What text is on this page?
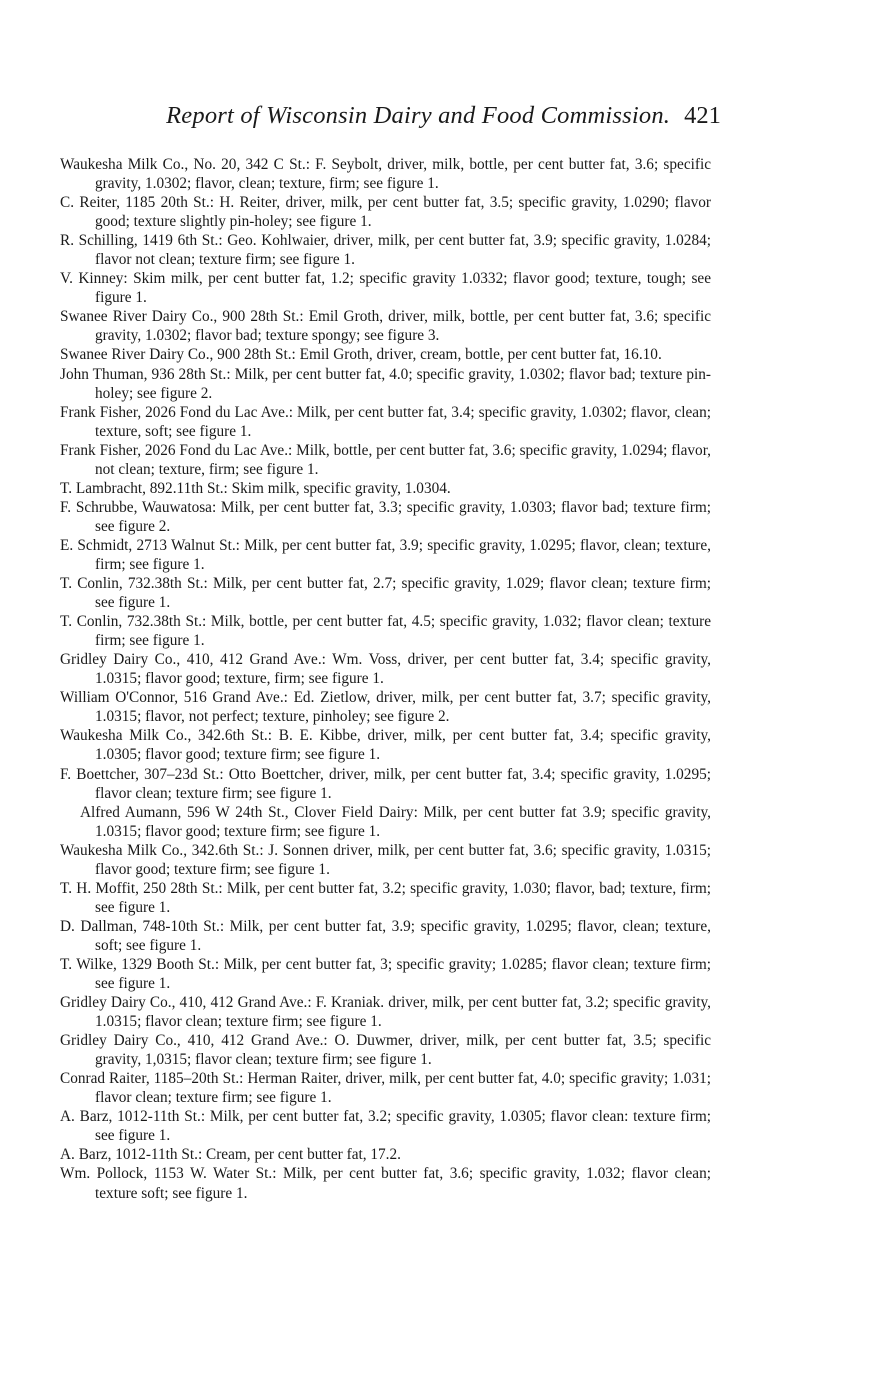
Report of Wisconsin Dairy and Food Commission. 421

Waukesha Milk Co., No. 20, 342 C St.: F. Seybolt, driver, milk, bottle, per cent butter fat, 3.6; specific gravity, 1.0302; flavor, clean; texture, firm; see figure 1.

C. Reiter, 1185 20th St.: H. Reiter, driver, milk, per cent butter fat, 3.5; specific gravity, 1.0290; flavor good; texture slightly pin-holey; see figure 1.

R. Schilling, 1419 6th St.: Geo. Kohlwaier, driver, milk, per cent butter fat, 3.9; specific gravity, 1.0284; flavor not clean; texture firm; see figure 1.

V. Kinney: Skim milk, per cent butter fat, 1.2; specific gravity 1.0332; flavor good; texture, tough; see figure 1.

Swanee River Dairy Co., 900 28th St.: Emil Groth, driver, milk, bottle, per cent butter fat, 3.6; specific gravity, 1.0302; flavor bad; texture spongy; see figure 3.

Swanee River Dairy Co., 900 28th St.: Emil Groth, driver, cream, bottle, per cent butter fat, 16.10.

John Thuman, 936 28th St.: Milk, per cent butter fat, 4.0; specific gravity, 1.0302; flavor bad; texture pin-holey; see figure 2.

Frank Fisher, 2026 Fond du Lac Ave.: Milk, per cent butter fat, 3.4; specific gravity, 1.0302; flavor, clean; texture, soft; see figure 1.

Frank Fisher, 2026 Fond du Lac Ave.: Milk, bottle, per cent butter fat, 3.6; specific gravity, 1.0294; flavor, not clean; texture, firm; see figure 1.

T. Lambracht, 892.11th St.: Skim milk, specific gravity, 1.0304.

F. Schrubbe, Wauwatosa: Milk, per cent butter fat, 3.3; specific gravity, 1.0303; flavor bad; texture firm; see figure 2.

E. Schmidt, 2713 Walnut St.: Milk, per cent butter fat, 3.9; specific gravity, 1.0295; flavor, clean; texture, firm; see figure 1.

T. Conlin, 732.38th St.: Milk, per cent butter fat, 2.7; specific gravity, 1.029; flavor clean; texture firm; see figure 1.

T. Conlin, 732.38th St.: Milk, bottle, per cent butter fat, 4.5; specific gravity, 1.032; flavor clean; texture firm; see figure 1.

Gridley Dairy Co., 410, 412 Grand Ave.: Wm. Voss, driver, per cent butter fat, 3.4; specific gravity, 1.0315; flavor good; texture, firm; see figure 1.

William O'Connor, 516 Grand Ave.: Ed. Zietlow, driver, milk, per cent butter fat, 3.7; specific gravity, 1.0315; flavor, not perfect; texture, pinholey; see figure 2.

Waukesha Milk Co., 342.6th St.: B. E. Kibbe, driver, milk, per cent butter fat, 3.4; specific gravity, 1.0305; flavor good; texture firm; see figure 1.

F. Boettcher, 307–23d St.: Otto Boettcher, driver, milk, per cent butter fat, 3.4; specific gravity, 1.0295; flavor clean; texture firm; see figure 1.

Alfred Aumann, 596 W 24th St., Clover Field Dairy: Milk, per cent butter fat 3.9; specific gravity, 1.0315; flavor good; texture firm; see figure 1.

Waukesha Milk Co., 342.6th St.: J. Sonnen driver, milk, per cent butter fat, 3.6; specific gravity, 1.0315; flavor good; texture firm; see figure 1.

T. H. Moffit, 250 28th St.: Milk, per cent butter fat, 3.2; specific gravity, 1.030; flavor, bad; texture, firm; see figure 1.

D. Dallman, 748-10th St.: Milk, per cent butter fat, 3.9; specific gravity, 1.0295; flavor, clean; texture, soft; see figure 1.

T. Wilke, 1329 Booth St.: Milk, per cent butter fat, 3; specific gravity; 1.0285; flavor clean; texture firm; see figure 1.

Gridley Dairy Co., 410, 412 Grand Ave.: F. Kraniak. driver, milk, per cent butter fat, 3.2; specific gravity, 1.0315; flavor clean; texture firm; see figure 1.

Gridley Dairy Co., 410, 412 Grand Ave.: O. Duwmer, driver, milk, per cent butter fat, 3.5; specific gravity, 1,0315; flavor clean; texture firm; see figure 1.

Conrad Raiter, 1185–20th St.: Herman Raiter, driver, milk, per cent butter fat, 4.0; specific gravity; 1.031; flavor clean; texture firm; see figure 1.

A. Barz, 1012-11th St.: Milk, per cent butter fat, 3.2; specific gravity, 1.0305; flavor clean: texture firm; see figure 1.

A. Barz, 1012-11th St.: Cream, per cent butter fat, 17.2.

Wm. Pollock, 1153 W. Water St.: Milk, per cent butter fat, 3.6; specific gravity, 1.032; flavor clean; texture soft; see figure 1.
